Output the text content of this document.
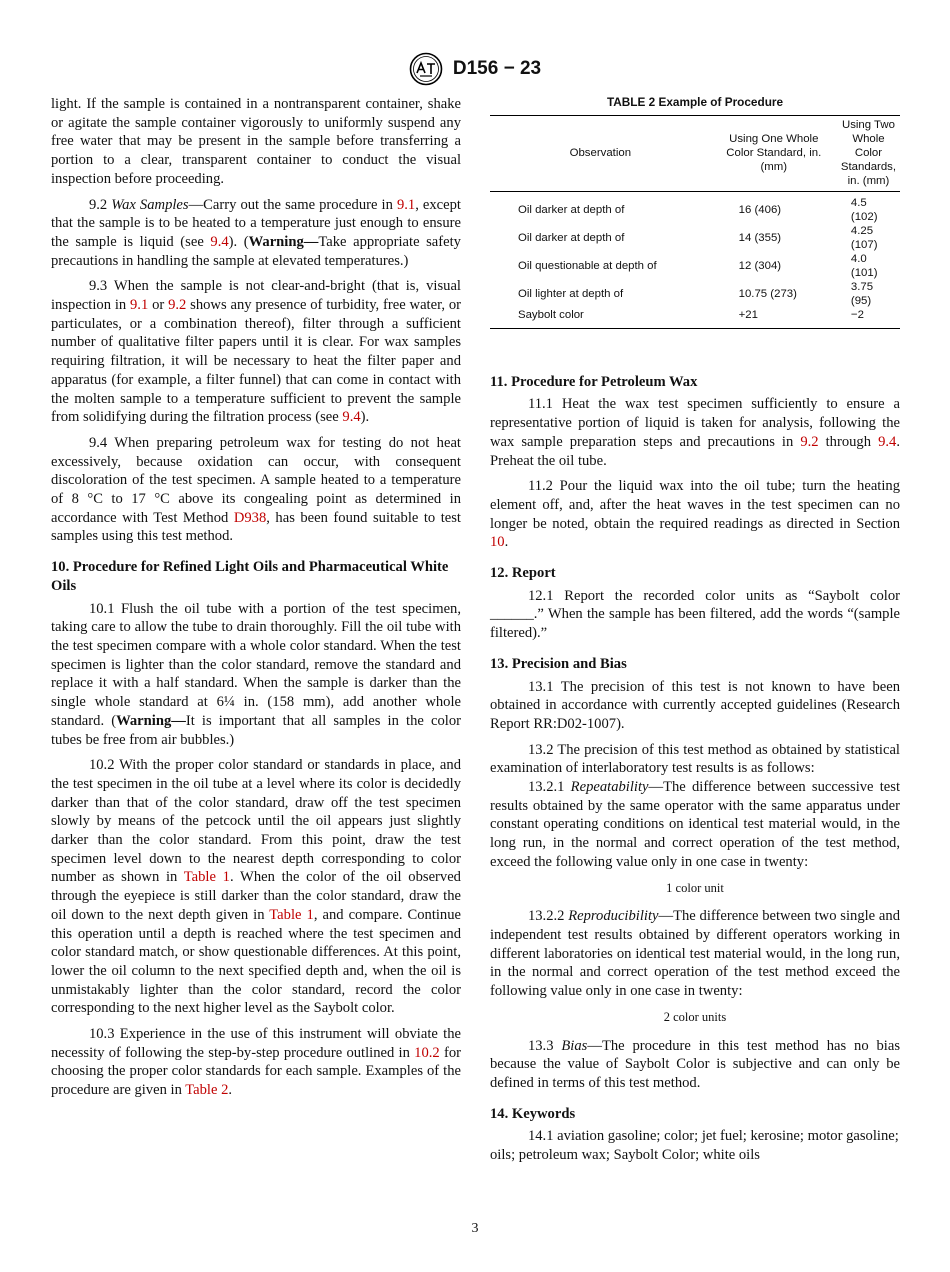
D156 − 23

light. If the sample is contained in a nontransparent container, shake or agitate the sample container vigorously to uniformly suspend any free water that may be present in the sample before transferring a portion to a clear, transparent container to conduct the visual inspection before proceeding.

9.2 Wax Samples—Carry out the same procedure in 9.1, except that the sample is to be heated to a temperature just enough to ensure the sample is liquid (see 9.4). (Warning—Take appropriate safety precautions in handling the sample at elevated temperatures.)

9.3 When the sample is not clear-and-bright (that is, visual inspection in 9.1 or 9.2 shows any presence of turbidity, free water, or particulates, or a combination thereof), filter through a sufficient number of qualitative filter papers until it is clear. For wax samples requiring filtration, it will be necessary to heat the filter paper and apparatus (for example, a filter funnel) that can come in contact with the molten sample to a temperature sufficient to prevent the sample from solidifying during the filtration process (see 9.4).

9.4 When preparing petroleum wax for testing do not heat excessively, because oxidation can occur, with consequent discoloration of the test specimen. A sample heated to a temperature of 8 °C to 17 °C above its congealing point as determined in accordance with Test Method D938, has been found suitable to test samples using this test method.

10. Procedure for Refined Light Oils and Pharmaceutical White Oils

10.1 Flush the oil tube with a portion of the test specimen, taking care to allow the tube to drain thoroughly. Fill the oil tube with the test specimen compare with a whole color standard. When the test specimen is lighter than the color standard, remove the standard and replace it with a half standard. When the sample is darker than the single whole standard at 6¼ in. (158 mm), add another whole standard. (Warning—It is important that all samples in the color tubes be free from air bubbles.)

10.2 With the proper color standard or standards in place, and the test specimen in the oil tube at a level where its color is decidedly darker than that of the color standard, draw off the test specimen slowly by means of the petcock until the oil appears just slightly darker than the color standard. From this point, draw the test specimen level down to the nearest depth corresponding to color number as shown in Table 1. When the color of the oil observed through the eyepiece is still darker than the color standard, draw the oil down to the next depth given in Table 1, and compare. Continue this operation until a depth is reached where the test specimen and color standard match, or show questionable differences. At this point, lower the oil column to the next specified depth and, when the oil is unmistakably lighter than the color standard, record the color corresponding to the next higher level as the Saybolt color.

10.3 Experience in the use of this instrument will obviate the necessity of following the step-by-step procedure outlined in 10.2 for choosing the proper color standards for each sample. Examples of the procedure are given in Table 2.

TABLE 2 Example of Procedure
Observation	Using One Whole Color Standard, in. (mm)	Using Two Whole Color Standards, in. (mm)
Oil darker at depth of	16 (406)	4.5 (102)
Oil darker at depth of	14 (355)	4.25 (107)
Oil questionable at depth of	12 (304)	4.0 (101)
Oil lighter at depth of	10.75 (273)	3.75 (95)
Saybolt color	+21	−2
11. Procedure for Petroleum Wax

11.1 Heat the wax test specimen sufficiently to ensure a representative portion of liquid is taken for analysis, following the wax sample preparation steps and precautions in 9.2 through 9.4. Preheat the oil tube.

11.2 Pour the liquid wax into the oil tube; turn the heating element off, and, after the heat waves in the test specimen can no longer be noted, obtain the required readings as directed in Section 10.

12. Report

12.1 Report the recorded color units as “Saybolt color ______.” When the sample has been filtered, add the words “(sample filtered).”

13. Precision and Bias

13.1 The precision of this test is not known to have been obtained in accordance with currently accepted guidelines (Research Report RR:D02-1007).

13.2 The precision of this test method as obtained by statistical examination of interlaboratory test results is as follows:

13.2.1 Repeatability—The difference between successive test results obtained by the same operator with the same apparatus under constant operating conditions on identical test material would, in the long run, in the normal and correct operation of the test method, exceed the following value only in one case in twenty:

1 color unit

13.2.2 Reproducibility—The difference between two single and independent test results obtained by different operators working in different laboratories on identical test material would, in the long run, in the normal and correct operation of the test method exceed the following value only in one case in twenty:

2 color units

13.3 Bias—The procedure in this test method has no bias because the value of Saybolt Color is subjective and can only be defined in terms of this test method.

14. Keywords

14.1 aviation gasoline; color; jet fuel; kerosine; motor gasoline; oils; petroleum wax; Saybolt Color; white oils

3
